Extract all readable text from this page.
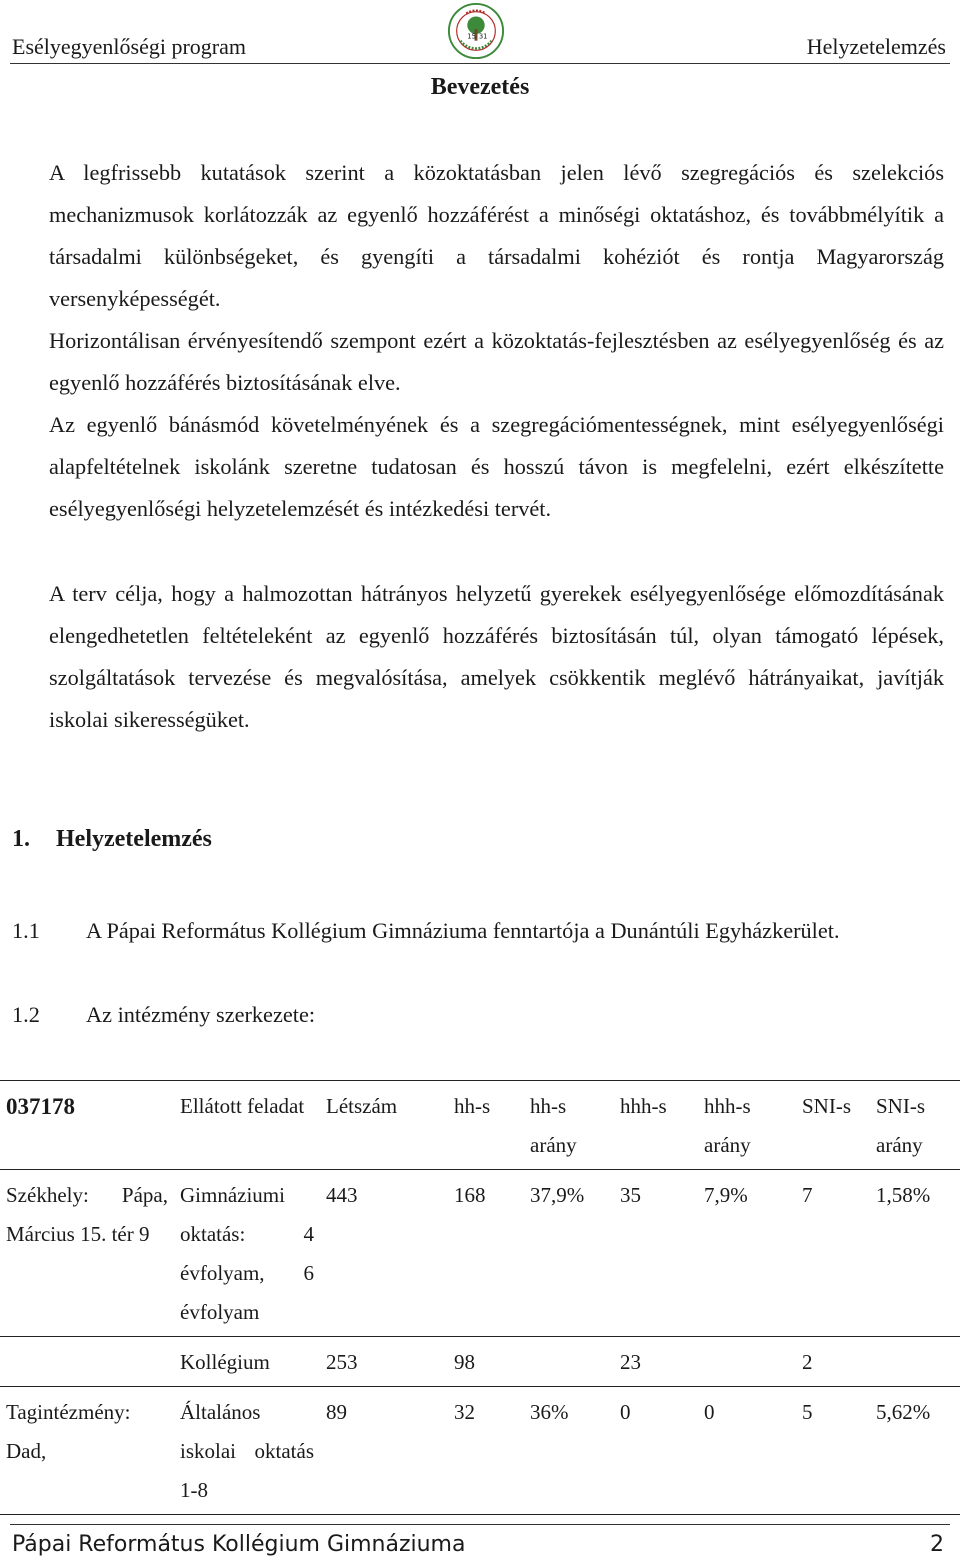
Esélyegyenlőségi program	15 31	Helyzetelemzés
Bevezetés

A legfrissebb kutatások szerint a közoktatásban jelen lévő szegregációs és szelekciós mechanizmusok korlátozzák az egyenlő hozzáférést a minőségi oktatáshoz, és továbbmélyítik a társadalmi különbségeket, és gyengíti a társadalmi kohéziót és rontja Magyarország versenyképességét.

Horizontálisan érvényesítendő szempont ezért a közoktatás-fejlesztésben az esélyegyenlőség és az egyenlő hozzáférés biztosításának elve.

Az egyenlő bánásmód követelményének és a szegregációmentességnek, mint esélyegyenlőségi alapfeltételnek iskolánk szeretne tudatosan és hosszú távon is megfelelni, ezért elkészítette esélyegyenlőségi helyzetelemzését és intézkedési tervét.

A terv célja, hogy a halmozottan hátrányos helyzetű gyerekek esélyegyenlősége előmozdításának elengedhetetlen feltételeként az egyenlő hozzáférés biztosításán túl, olyan támogató lépések, szolgáltatások tervezése és megvalósítása, amelyek csökkentik meglévő hátrányaikat, javítják iskolai sikerességüket.

1. Helyzetelemzés
1.1 A Pápai Református Kollégium Gimnáziuma fenntartója a Dunántúli Egyházkerület.
1.2 Az intézmény szerkezete:
037178	Ellátott feladat	Létszám	hh-s	hh-s arány	hhh-s	hhh-s arány	SNI-s	SNI-s arány
Székhely: Pápa, Március 15. tér 9	Gimnáziumi oktatás: 4 évfolyam, 6 évfolyam	443	168	37,9%	35	7,9%	7	1,58%
	Kollégium	253	98		23		2	
Tagintézmény: Dad,	Általános iskolai oktatás 1-8	89	32	36%	0	0	5	5,62%
Pápai Református Kollégium Gimnáziuma	2
